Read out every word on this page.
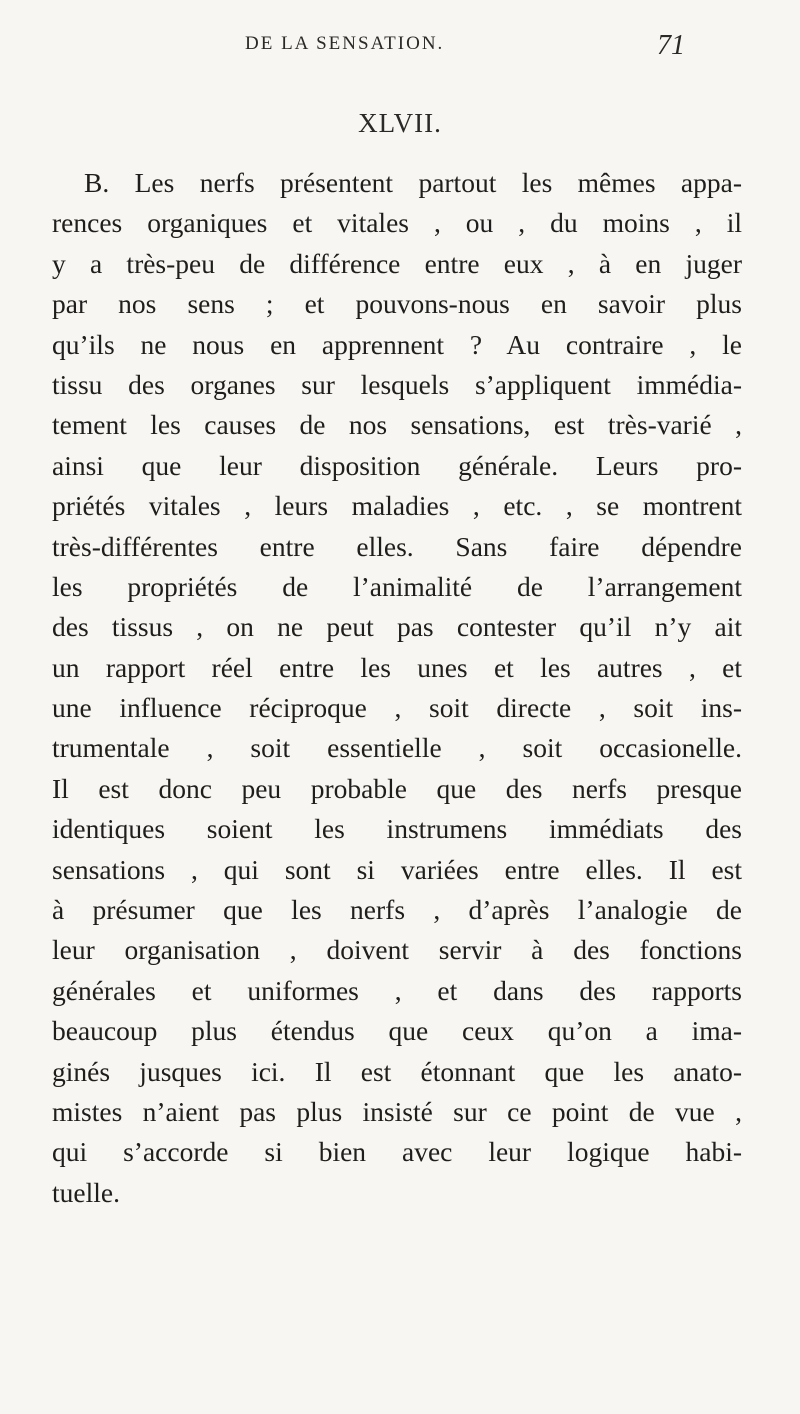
DE LA SENSATION.	71
XLVII.
B. Les nerfs présentent partout les mêmes appa-
rences organiques et vitales , ou , du moins , il
y a très-peu de différence entre eux , à en juger
par nos sens ; et pouvons-nous en savoir plus
qu’ils ne nous en apprennent ? Au contraire , le
tissu des organes sur lesquels s’appliquent immédia-
tement les causes de nos sensations, est très-varié ,
ainsi que leur disposition générale. Leurs pro-
priétés vitales , leurs maladies , etc. , se montrent
très-différentes entre elles. Sans faire dépendre
les propriétés de l’animalité de l’arrangement
des tissus , on ne peut pas contester qu’il n’y ait
un rapport réel entre les unes et les autres , et
une influence réciproque , soit directe , soit ins-
trumentale , soit essentielle , soit occasionelle.
Il est donc peu probable que des nerfs presque
identiques soient les instrumens immédiats des
sensations , qui sont si variées entre elles. Il est
à présumer que les nerfs , d’après l’analogie de
leur organisation , doivent servir à des fonctions
générales et uniformes , et dans des rapports
beaucoup plus étendus que ceux qu’on a ima-
ginés jusques ici. Il est étonnant que les anato-
mistes n’aient pas plus insisté sur ce point de vue ,
qui s’accorde si bien avec leur logique habi-
tuelle.
